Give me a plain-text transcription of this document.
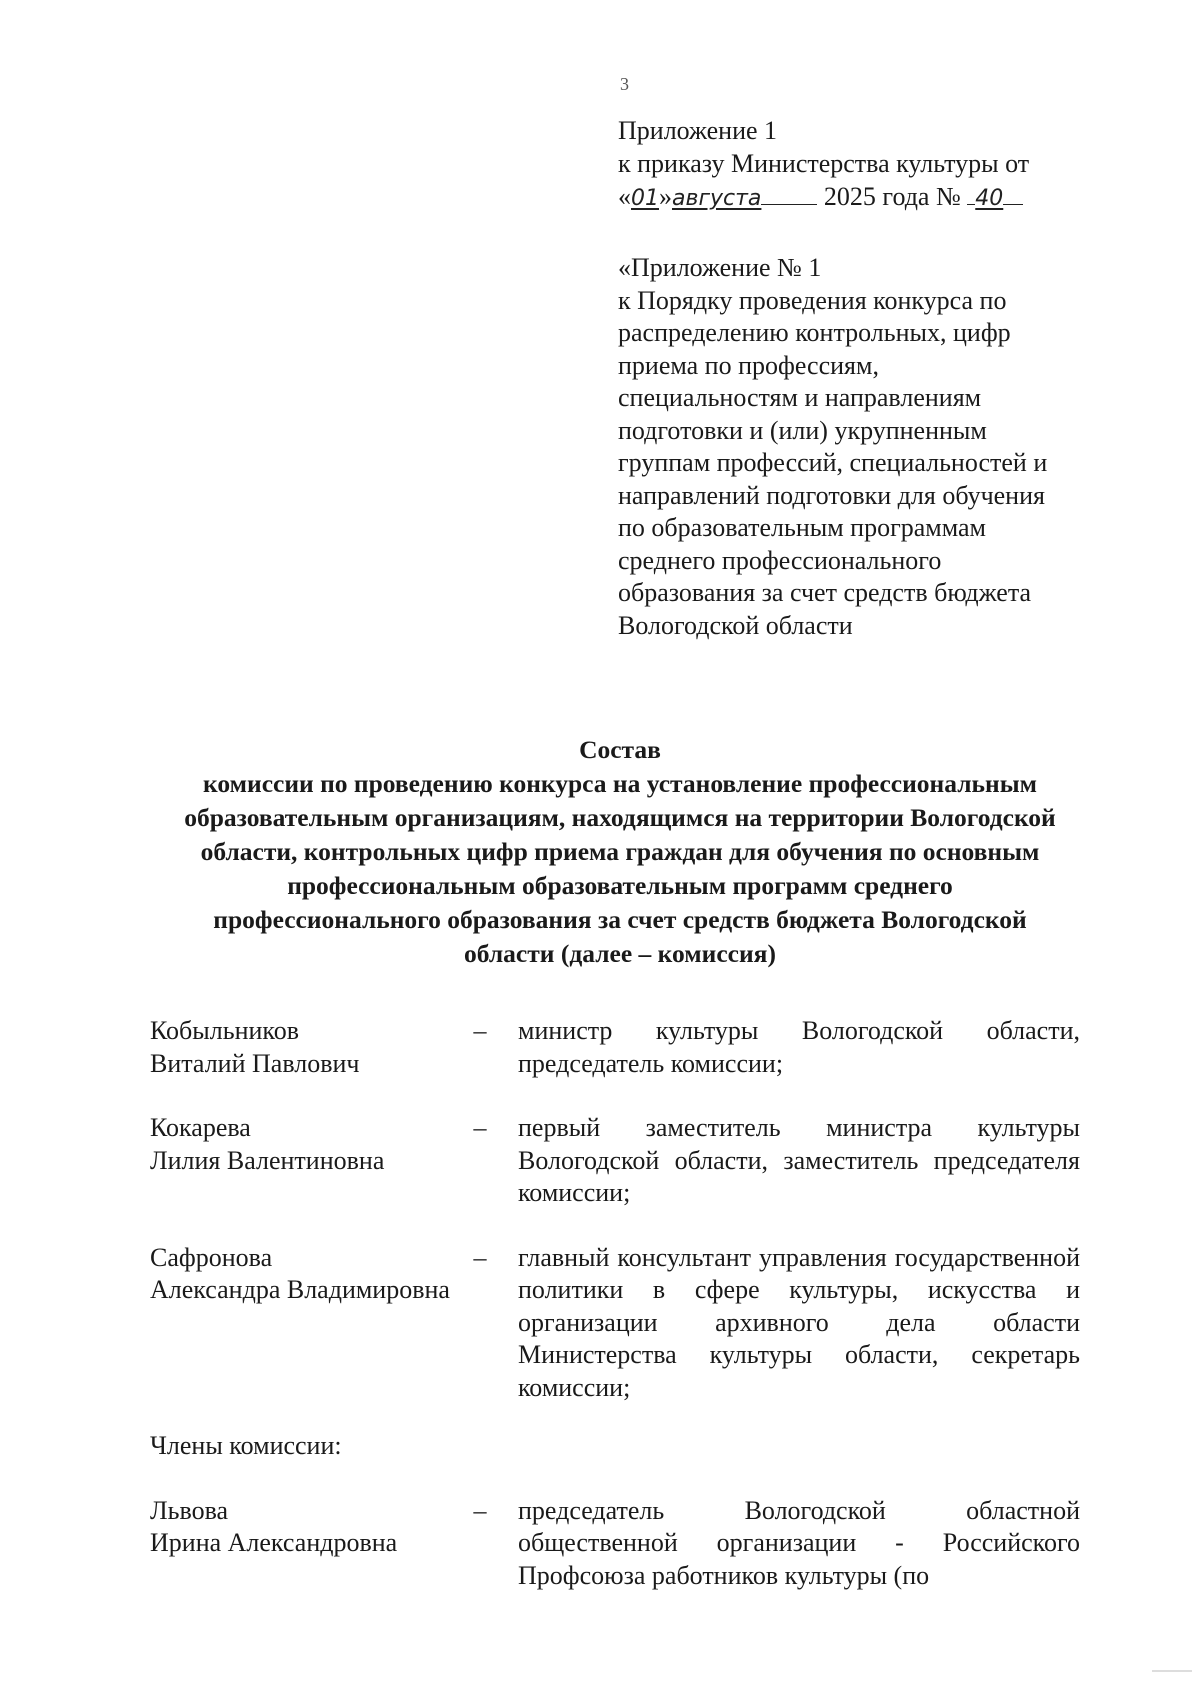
3
Приложение 1
к приказу Министерства культуры от
«01»августа 2025 года № 40
«Приложение № 1
к Порядку проведения конкурса по распределению контрольных, цифр приема по профессиям, специальностям и направлениям подготовки и (или) укрупненным группам профессий, специальностей и направлений подготовки для обучения по образовательным программам среднего профессионального образования за счет средств бюджета Вологодской области
Состав
комиссии по проведению конкурса на установление профессиональным
образовательным организациям, находящимся на территории Вологодской
области, контрольных цифр приема граждан для обучения по основным
профессиональным образовательным программ среднего
профессионального образования за счет средств бюджета Вологодской
области (далее – комиссия)
Кобыльников
Виталий Павлович
–	министр культуры Вологодской области, председатель комиссии;
Кокарева
Лилия Валентиновна
–	первый заместитель министра культуры Вологодской области, заместитель председателя комиссии;
Сафронова
Александра Владимировна
–	главный консультант управления государственной политики в сфере культуры, искусства и организации архивного дела области Министерства культуры области, секретарь комиссии;
Члены комиссии:
Львова
Ирина Александровна
–	председатель Вологодской областной общественной организации - Российского Профсоюза работников культуры (по
